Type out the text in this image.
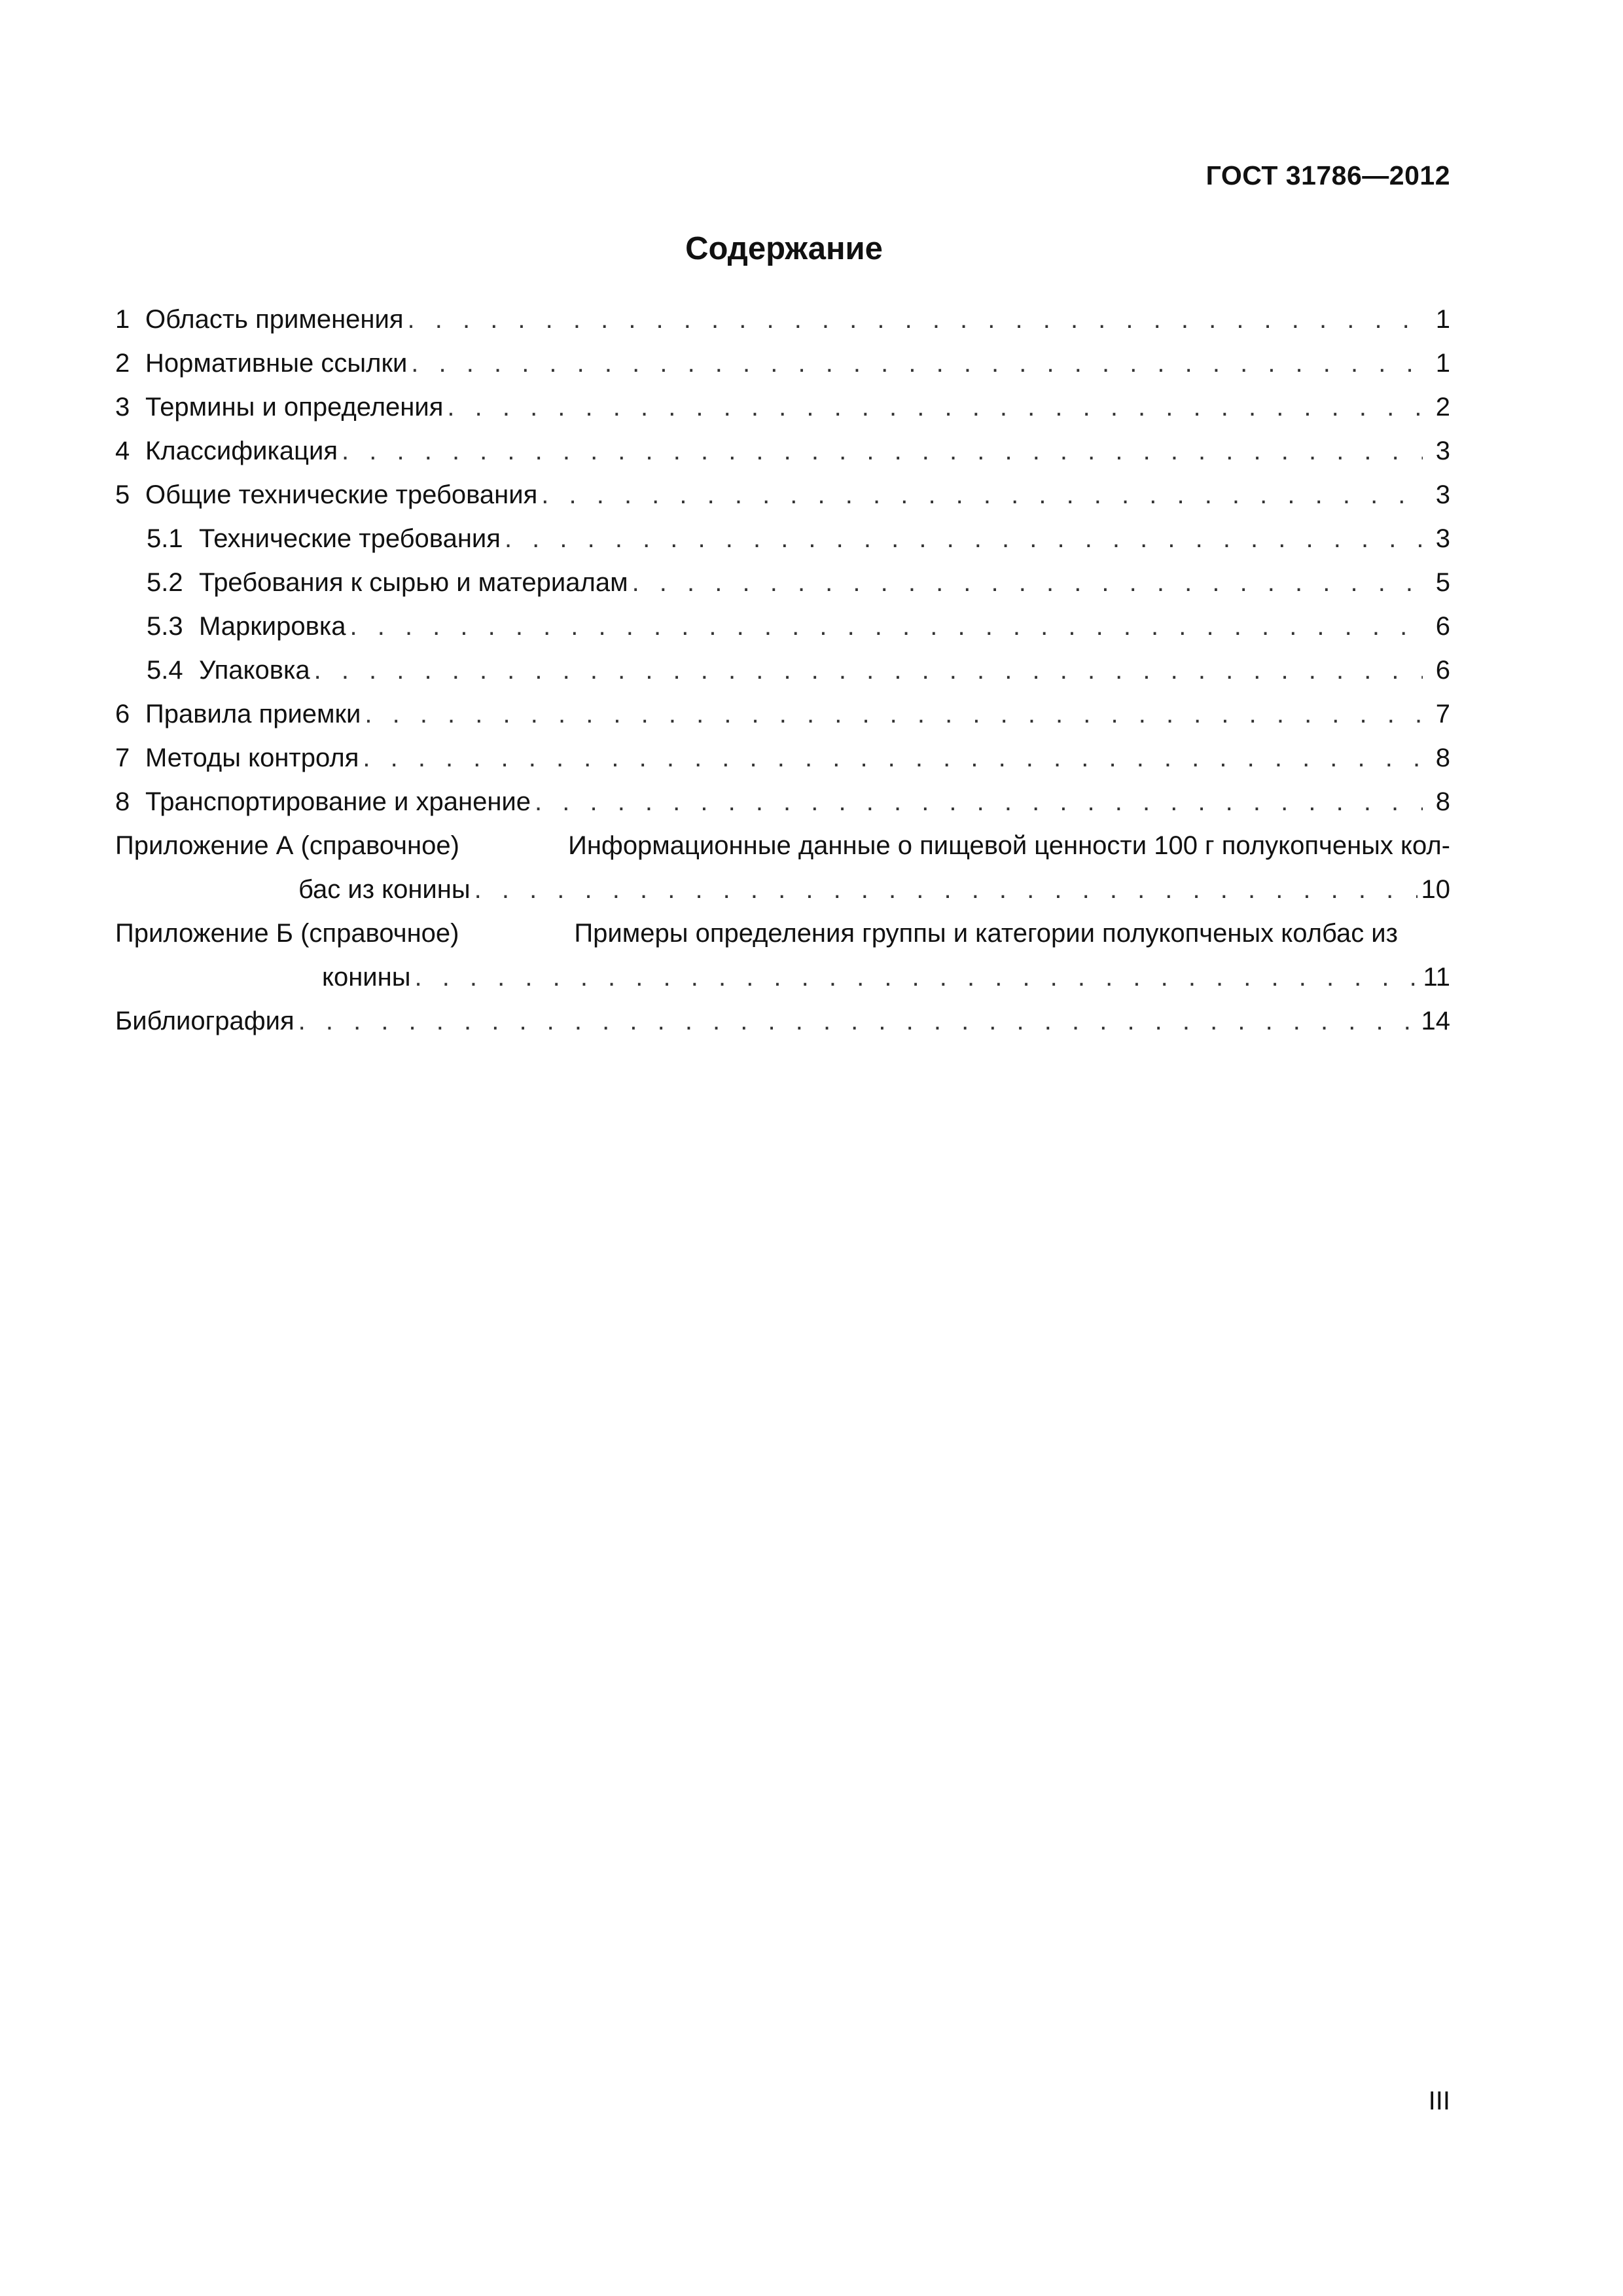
ГОСТ 31786—2012
Содержание
1 Область применения . . .	1
2 Нормативные ссылки . . .	1
3 Термины и определения . . .	2
4 Классификация . . .	3
5 Общие технические требования . . .	3
5.1 Технические требования . . .	3
5.2 Требования к сырью и материалам . . .	5
5.3 Маркировка . . .	6
5.4 Упаковка . . .	6
6 Правила приемки . . .	7
7 Методы контроля . . .	8
8 Транспортирование и хранение . . .	8
Приложение А (справочное)	Информационные данные о пищевой ценности 100 г полукопченых кол-
бас из конины . . .	10
Приложение Б (справочное)	Примеры определения группы и категории полукопченых колбас из
конины . . .	11
Библиография . . .	14
III
